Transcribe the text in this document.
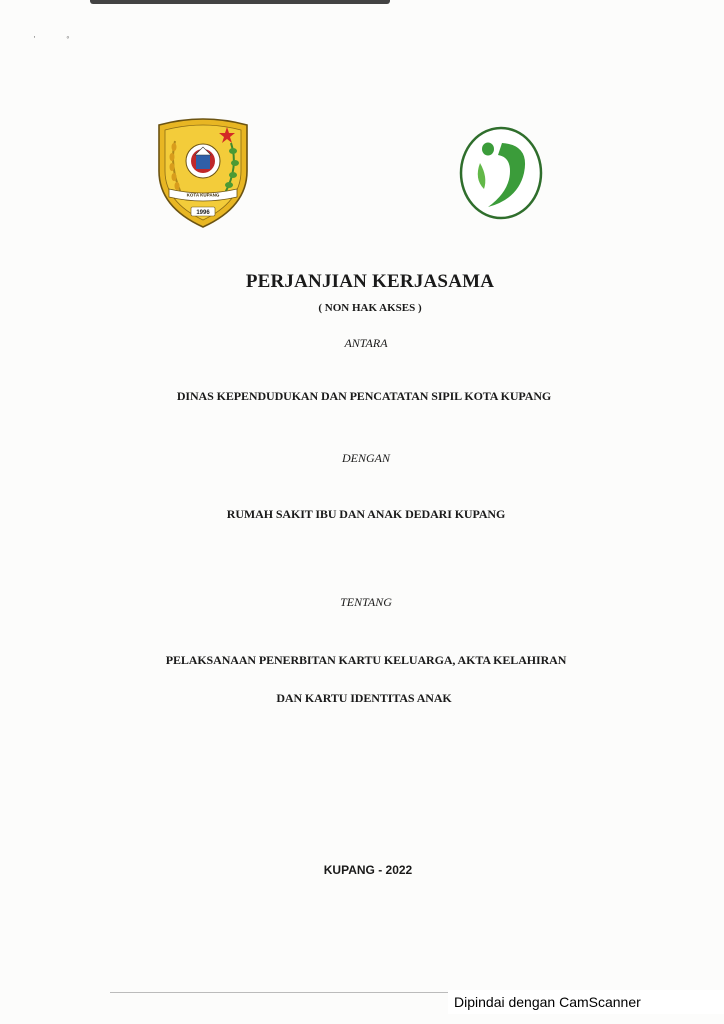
· ◦
KOTA KUPANG
1996
PERJANJIAN KERJASAMA
( NON HAK AKSES )
ANTARA
DINAS KEPENDUDUKAN DAN PENCATATAN SIPIL KOTA KUPANG
DENGAN
RUMAH SAKIT IBU DAN ANAK DEDARI KUPANG
TENTANG
PELAKSANAAN PENERBITAN KARTU KELUARGA, AKTA KELAHIRAN
DAN KARTU IDENTITAS ANAK
KUPANG - 2022
Dipindai dengan CamScanner
